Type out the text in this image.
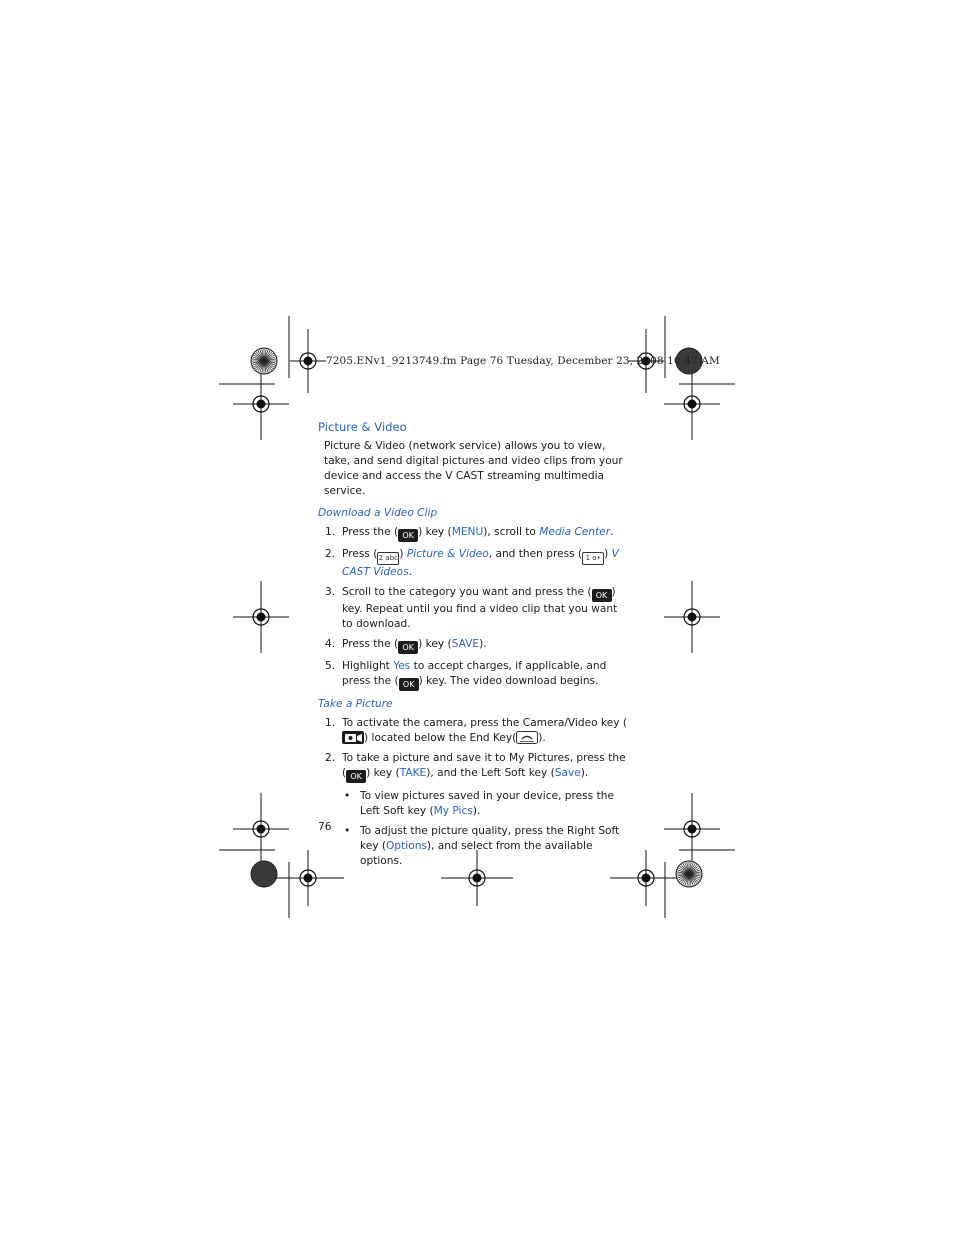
7205.ENv1_9213749.fm Page 76 Tuesday, December 23, 2008 10:47 AM
Picture & Video

Picture & Video (network service) allows you to view, take, and send digital pictures and video clips from your device and access the V CAST streaming multimedia service.

Download a Video Clip
1. Press the ( OK ) key (MENU), scroll to Media Center.
2. Press (2 abc) Picture & Video, and then press ( 1 o• ) V CAST Videos.
3. Scroll to the category you want and press the ( OK ) key. Repeat until you find a video clip that you want to download.
4. Press the ( OK ) key (SAVE).
5. Highlight Yes to accept charges, if applicable, and press the ( OK ) key. The video download begins.
Take a Picture
1. To activate the camera, press the Camera/Video key () located below the End Key( ).
2. To take a picture and save it to My Pictures, press the ( OK ) key (TAKE), and the Left Soft key (Save).
• To view pictures saved in your device, press the Left Soft key (My Pics).
• To adjust the picture quality, press the Right Soft key (Options), and select from the available options.
76
